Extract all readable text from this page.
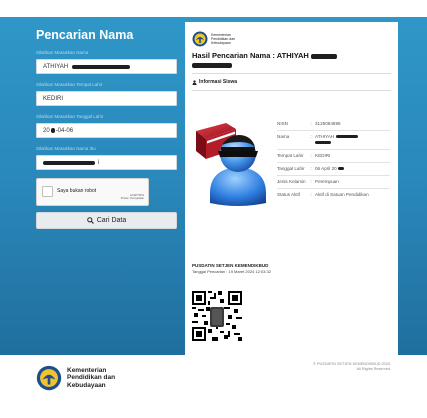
Pencarian Nama
Silahkan Masukkan Nama
ATHIYAH
Silahkan Masukkan Tempat Lahir
KEDIRI
Silahkan Masukkan Tanggal Lahir
20 -04-06
Silahkan Masukkan Nama Ibu
i
Saya bukan robot
reCAPTCHA
Privasi - Persyaratan
Cari Data
Kementerian
Pendidikan dan
Kebudayaan
Hasil Pencarian Nama : ATHIYAH

Informasi Siswa
NISN	: 3125084896
Nama	: ATHIYAH

Tempat Lahir	: KEDIRI
Tanggal Lahir	: 06 April 20
Jenis Kelamin	: Perempuan
Status Aktif	: Aktif di Satuan Pendidikan
PUSDATIN SETJEN KEMENDIKBUD
Tanggal Pencarian : 19 Maret 2024 12:03:32
Kementerian
Pendidikan dan
Kebudayaan
© PUSDATIN SETJEN KEMENDIKBUD 2020.
All Rights Reserved.
